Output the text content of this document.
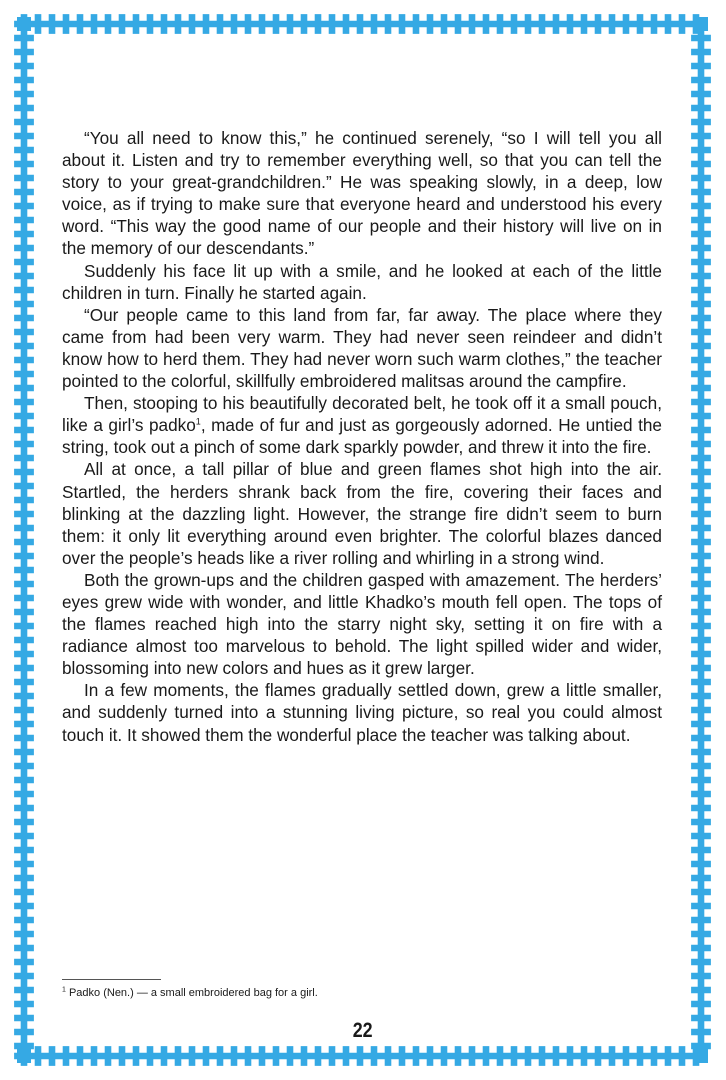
“You all need to know this,” he continued serenely, “so I will tell you all about it. Listen and try to remember everything well, so that you can tell the story to your great-grandchildren.” He was speaking slowly, in a deep, low voice, as if trying to make sure that everyone heard and understood his every word. “This way the good name of our people and their history will live on in the memory of our descendants.”

Suddenly his face lit up with a smile, and he looked at each of the little children in turn. Finally he started again.

“Our people came to this land from far, far away. The place where they came from had been very warm. They had never seen reindeer and didn’t know how to herd them. They had never worn such warm clothes,” the teacher pointed to the colorful, skillfully embroidered malitsas around the campfire.

Then, stooping to his beautifully decorated belt, he took off it a small pouch, like a girl’s padko$^1$, made of fur and just as gorgeously adorned. He untied the string, took out a pinch of some dark sparkly powder, and threw it into the fire.

All at once, a tall pillar of blue and green flames shot high into the air. Startled, the herders shrank back from the fire, covering their faces and blinking at the dazzling light. However, the strange fire didn’t seem to burn them: it only lit everything around even brighter. The colorful blazes danced over the people’s heads like a river rolling and whirling in a strong wind.

Both the grown-ups and the children gasped with amazement. The herders’ eyes grew wide with wonder, and little Khadko’s mouth fell open. The tops of the flames reached high into the starry night sky, setting it on fire with a radiance almost too marvelous to behold. The light spilled wider and wider, blossoming into new colors and hues as it grew larger.

In a few moments, the flames gradually settled down, grew a little smaller, and suddenly turned into a stunning living picture, so real you could almost touch it. It showed them the wonderful place the teacher was talking about.

$^1$ Padko (Nen.) — a small embroidered bag for a girl.
22
